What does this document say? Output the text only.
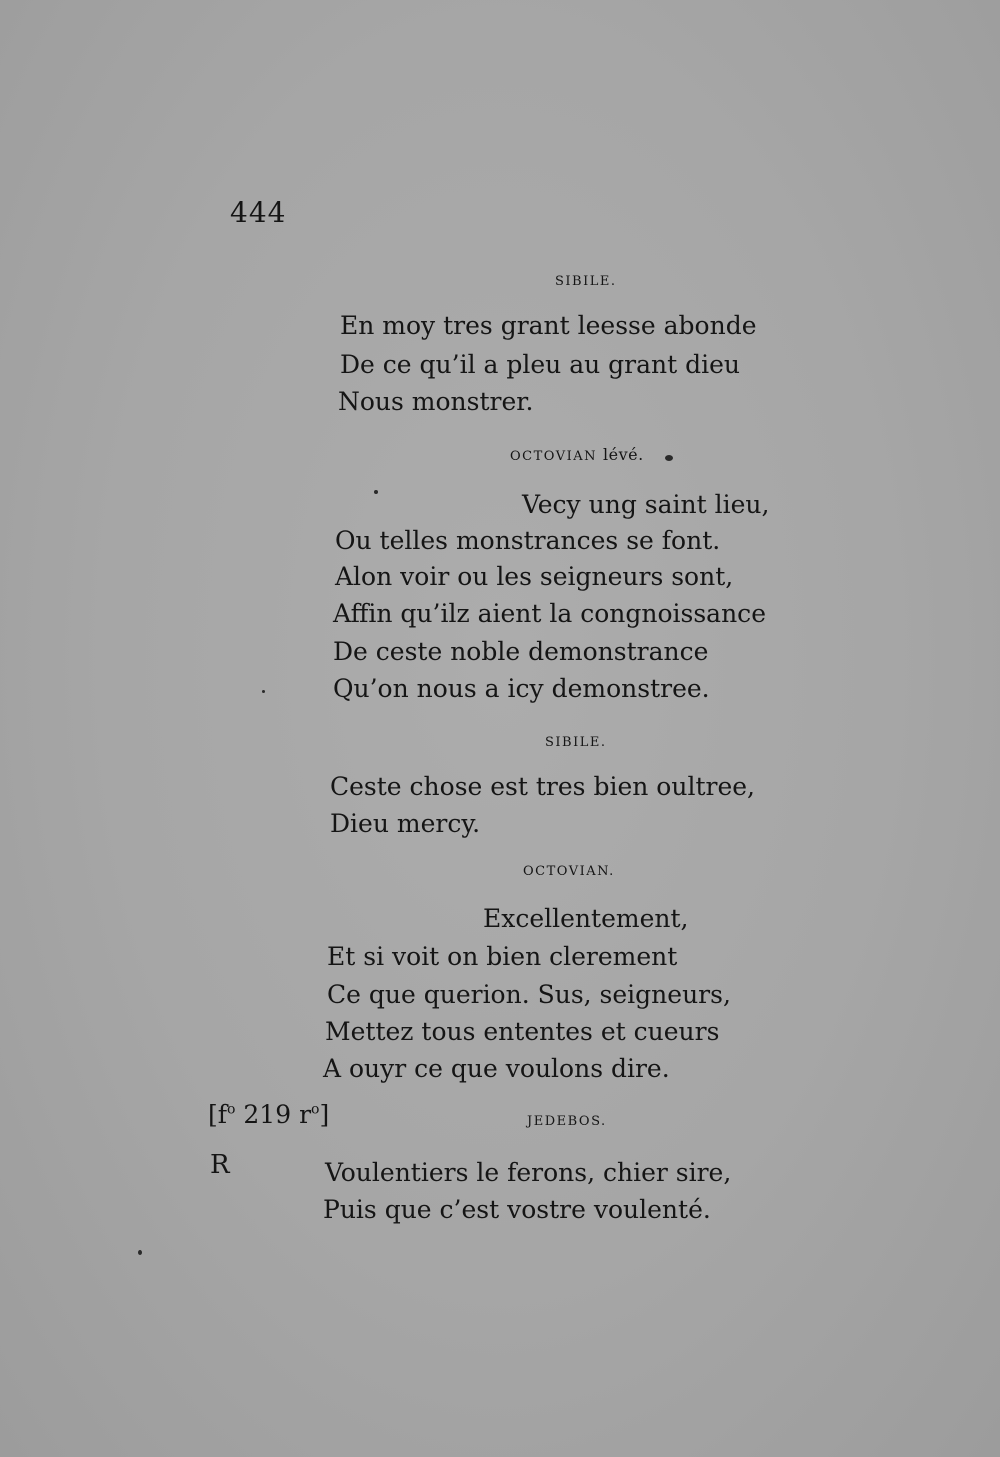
444
SIBILE.
En moy tres grant leesse abonde
De ce qu’il a pleu au grant dieu
Nous monstrer.
OCTOVIAN lévé.
Vecy ung saint lieu,
Ou telles monstrances se font.
Alon voir ou les seigneurs sont,
Affin qu’ilz aient la congnoissance
De ceste noble demonstrance
Qu’on nous a icy demonstree.
SIBILE.
Ceste chose est tres bien oultree,
Dieu mercy.
OCTOVIAN.
Excellentement,
Et si voit on bien clerement
Ce que querion. Sus, seigneurs,
Mettez tous ententes et cueurs
A ouyr ce que voulons dire.
[$f^o$ 219 $r^o$]	JEDEBOS.
R	Voulentiers le ferons, chier sire,
Puis que c’est vostre voulenté.
